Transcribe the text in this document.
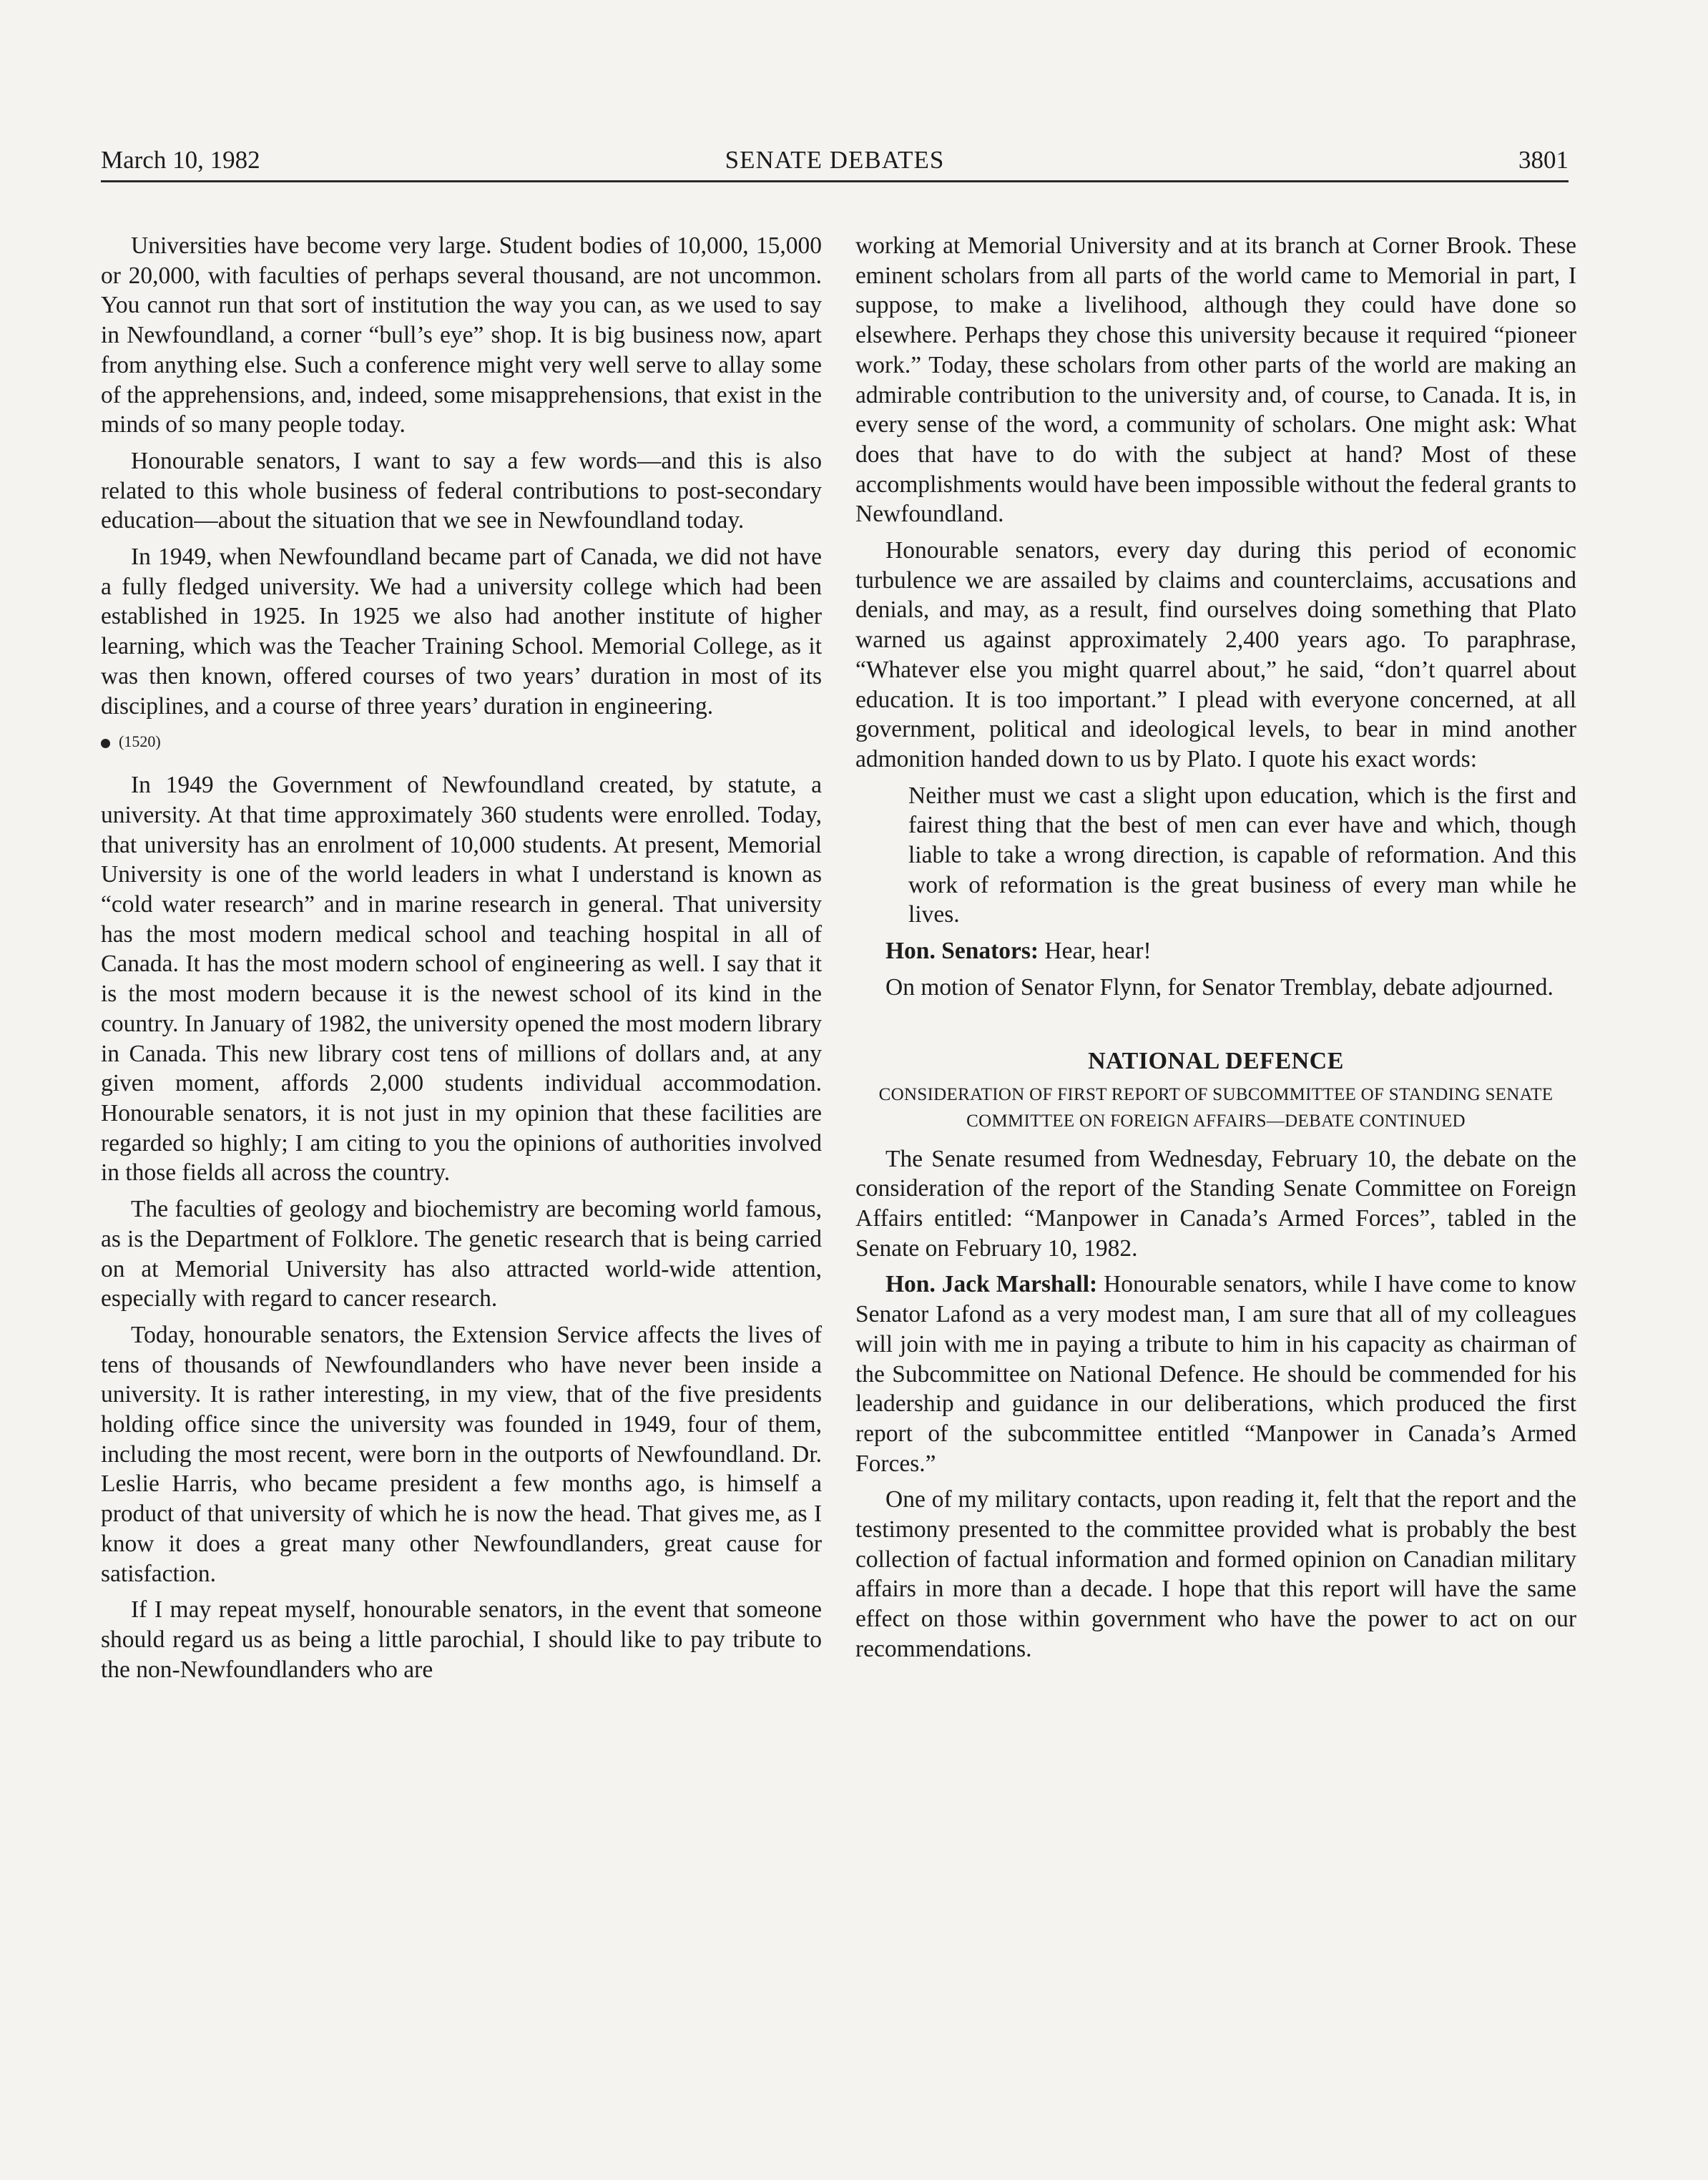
March 10, 1982	SENATE DEBATES	3801

Universities have become very large. Student bodies of 10,000, 15,000 or 20,000, with faculties of perhaps several thousand, are not uncommon. You cannot run that sort of institution the way you can, as we used to say in Newfoundland, a corner “bull’s eye” shop. It is big business now, apart from anything else. Such a conference might very well serve to allay some of the apprehensions, and, indeed, some misapprehensions, that exist in the minds of so many people today.

Honourable senators, I want to say a few words—and this is also related to this whole business of federal contributions to post-secondary education—about the situation that we see in Newfoundland today.

In 1949, when Newfoundland became part of Canada, we did not have a fully fledged university. We had a university college which had been established in 1925. In 1925 we also had another institute of higher learning, which was the Teacher Training School. Memorial College, as it was then known, offered courses of two years’ duration in most of its disciplines, and a course of three years’ duration in engineering.

(1520)

In 1949 the Government of Newfoundland created, by statute, a university. At that time approximately 360 students were enrolled. Today, that university has an enrolment of 10,000 students. At present, Memorial University is one of the world leaders in what I understand is known as “cold water research” and in marine research in general. That university has the most modern medical school and teaching hospital in all of Canada. It has the most modern school of engineering as well. I say that it is the most modern because it is the newest school of its kind in the country. In January of 1982, the university opened the most modern library in Canada. This new library cost tens of millions of dollars and, at any given moment, affords 2,000 students individual accommodation. Honourable senators, it is not just in my opinion that these facilities are regarded so highly; I am citing to you the opinions of authorities involved in those fields all across the country.

The faculties of geology and biochemistry are becoming world famous, as is the Department of Folklore. The genetic research that is being carried on at Memorial University has also attracted world-wide attention, especially with regard to cancer research.

Today, honourable senators, the Extension Service affects the lives of tens of thousands of Newfoundlanders who have never been inside a university. It is rather interesting, in my view, that of the five presidents holding office since the university was founded in 1949, four of them, including the most recent, were born in the outports of Newfoundland. Dr. Leslie Harris, who became president a few months ago, is himself a product of that university of which he is now the head. That gives me, as I know it does a great many other Newfoundlanders, great cause for satisfaction.

If I may repeat myself, honourable senators, in the event that someone should regard us as being a little parochial, I should like to pay tribute to the non-Newfoundlanders who are

working at Memorial University and at its branch at Corner Brook. These eminent scholars from all parts of the world came to Memorial in part, I suppose, to make a livelihood, although they could have done so elsewhere. Perhaps they chose this university because it required “pioneer work.” Today, these scholars from other parts of the world are making an admirable contribution to the university and, of course, to Canada. It is, in every sense of the word, a community of scholars. One might ask: What does that have to do with the subject at hand? Most of these accomplishments would have been impossible without the federal grants to Newfoundland.

Honourable senators, every day during this period of economic turbulence we are assailed by claims and counterclaims, accusations and denials, and may, as a result, find ourselves doing something that Plato warned us against approximately 2,400 years ago. To paraphrase, “Whatever else you might quarrel about,” he said, “don’t quarrel about education. It is too important.” I plead with everyone concerned, at all government, political and ideological levels, to bear in mind another admonition handed down to us by Plato. I quote his exact words:

Neither must we cast a slight upon education, which is the first and fairest thing that the best of men can ever have and which, though liable to take a wrong direction, is capable of reformation. And this work of reformation is the great business of every man while he lives.

Hon. Senators: Hear, hear!

On motion of Senator Flynn, for Senator Tremblay, debate adjourned.

NATIONAL DEFENCE
CONSIDERATION OF FIRST REPORT OF SUBCOMMITTEE OF STANDING SENATE COMMITTEE ON FOREIGN AFFAIRS—DEBATE CONTINUED

The Senate resumed from Wednesday, February 10, the debate on the consideration of the report of the Standing Senate Committee on Foreign Affairs entitled: “Manpower in Canada’s Armed Forces”, tabled in the Senate on February 10, 1982.

Hon. Jack Marshall: Honourable senators, while I have come to know Senator Lafond as a very modest man, I am sure that all of my colleagues will join with me in paying a tribute to him in his capacity as chairman of the Subcommittee on National Defence. He should be commended for his leadership and guidance in our deliberations, which produced the first report of the subcommittee entitled “Manpower in Canada’s Armed Forces.”

One of my military contacts, upon reading it, felt that the report and the testimony presented to the committee provided what is probably the best collection of factual information and formed opinion on Canadian military affairs in more than a decade. I hope that this report will have the same effect on those within government who have the power to act on our recommendations.
